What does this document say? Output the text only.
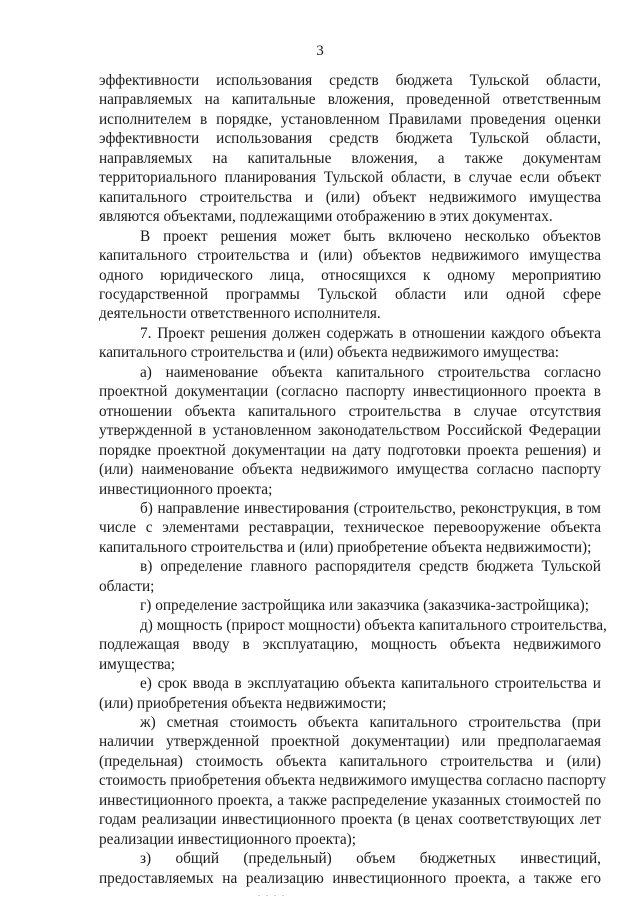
3
эффективности использования средств бюджета Тульской области,
направляемых на капитальные вложения, проведенной ответственным
исполнителем в порядке, установленном Правилами проведения оценки
эффективности использования средств бюджета Тульской области,
направляемых на капитальные вложения, а также документам
территориального планирования Тульской области, в случае если объект
капитального строительства и (или) объект недвижимого имущества
являются объектами, подлежащими отображению в этих документах.
В проект решения может быть включено несколько объектов
капитального строительства и (или) объектов недвижимого имущества
одного юридического лица, относящихся к одному мероприятию
государственной программы Тульской области или одной сфере
деятельности ответственного исполнителя.
7. Проект решения должен содержать в отношении каждого объекта
капитального строительства и (или) объекта недвижимого имущества:
а) наименование объекта капитального строительства согласно
проектной документации (согласно паспорту инвестиционного проекта в
отношении объекта капитального строительства в случае отсутствия
утвержденной в установленном законодательством Российской Федерации
порядке проектной документации на дату подготовки проекта решения) и
(или) наименование объекта недвижимого имущества согласно паспорту
инвестиционного проекта;
б) направление инвестирования (строительство, реконструкция, в том
числе с элементами реставрации, техническое перевооружение объекта
капитального строительства и (или) приобретение объекта недвижимости);
в) определение главного распорядителя средств бюджета Тульской
области;
г) определение застройщика или заказчика (заказчика-застройщика);
д) мощность (прирост мощности) объекта капитального строительства,
подлежащая вводу в эксплуатацию, мощность объекта недвижимого
имущества;
е) срок ввода в эксплуатацию объекта капитального строительства и
(или) приобретения объекта недвижимости;
ж) сметная стоимость объекта капитального строительства (при
наличии утвержденной проектной документации) или предполагаемая
(предельная) стоимость объекта капитального строительства и (или)
стоимость приобретения объекта недвижимого имущества согласно паспорту
инвестиционного проекта, а также распределение указанных стоимостей по
годам реализации инвестиционного проекта (в ценах соответствующих лет
реализации инвестиционного проекта);
з) общий (предельный) объем бюджетных инвестиций,
предоставляемых на реализацию инвестиционного проекта, а также его
. . . .
